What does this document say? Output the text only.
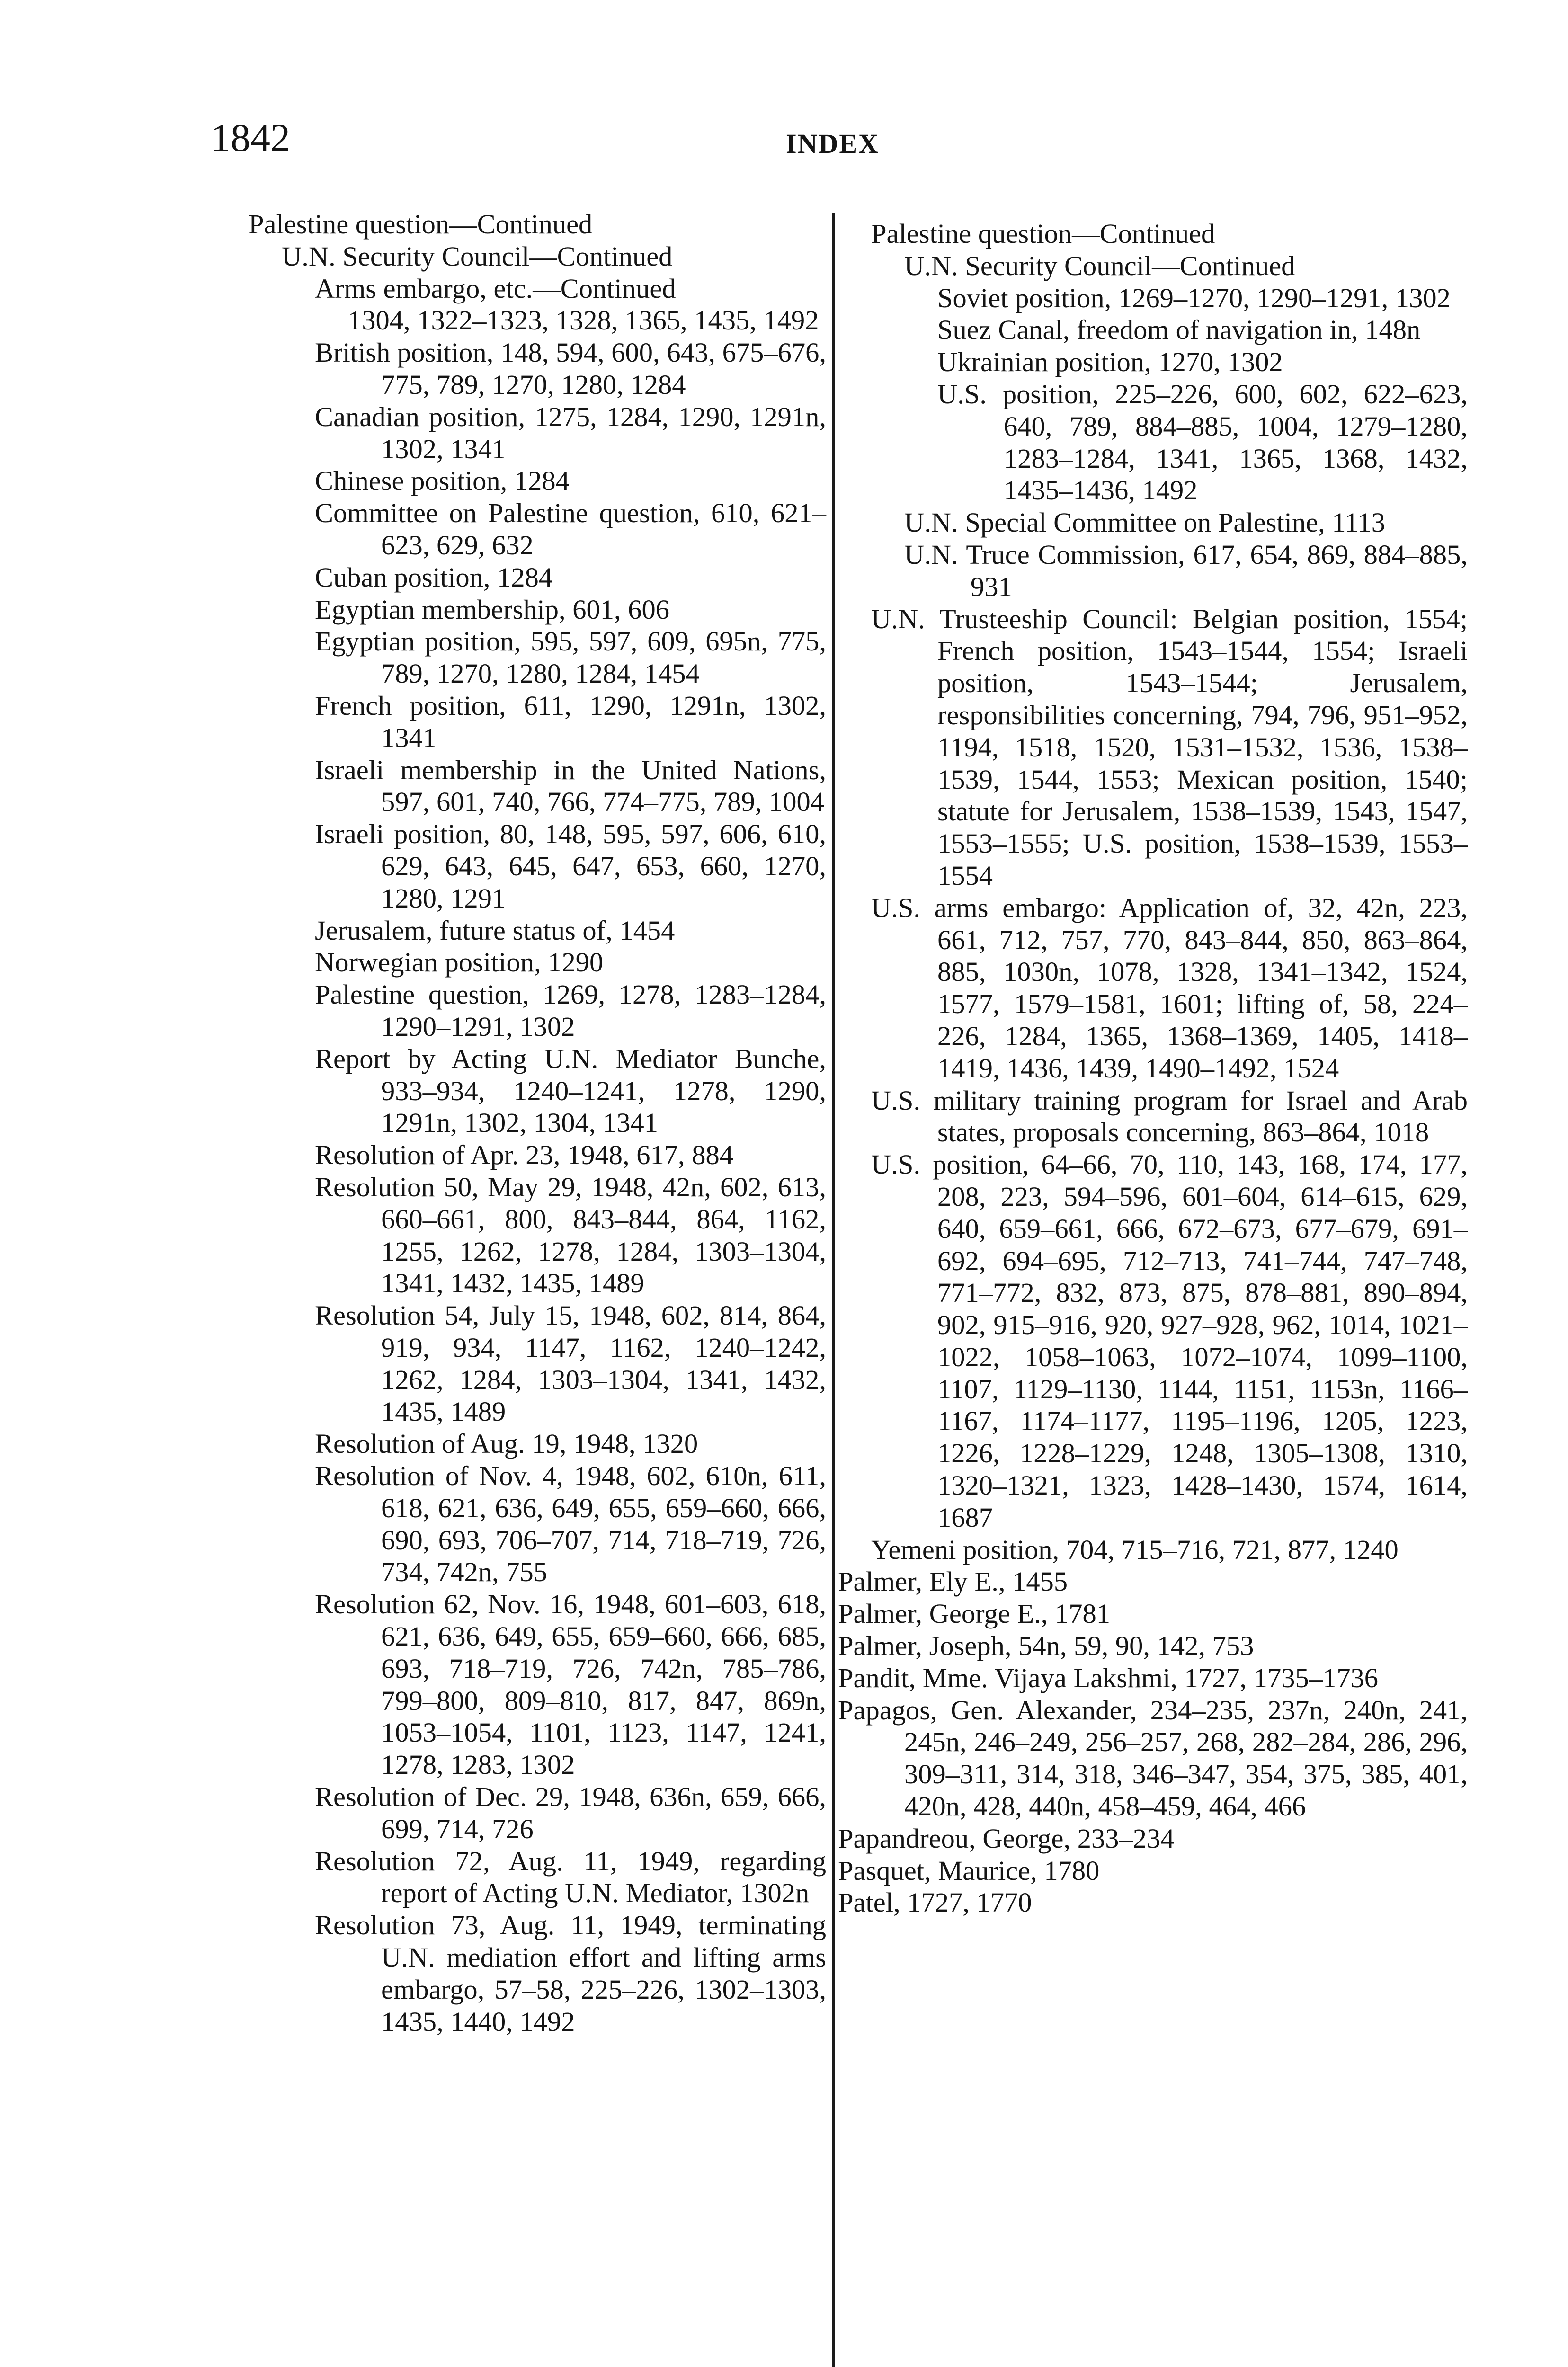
1842	INDEX

Palestine question—Continued

U.N. Security Council—Continued

Arms embargo, etc.—Continued

1304, 1322–1323, 1328, 1365, 1435, 1492

British position, 148, 594, 600, 643, 675–676, 775, 789, 1270, 1280, 1284

Canadian position, 1275, 1284, 1290, 1291n, 1302, 1341

Chinese position, 1284

Committee on Palestine question, 610, 621–623, 629, 632

Cuban position, 1284

Egyptian membership, 601, 606

Egyptian position, 595, 597, 609, 695n, 775, 789, 1270, 1280, 1284, 1454

French position, 611, 1290, 1291n, 1302, 1341

Israeli membership in the United Nations, 597, 601, 740, 766, 774–775, 789, 1004

Israeli position, 80, 148, 595, 597, 606, 610, 629, 643, 645, 647, 653, 660, 1270, 1280, 1291

Jerusalem, future status of, 1454

Norwegian position, 1290

Palestine question, 1269, 1278, 1283–1284, 1290–1291, 1302

Report by Acting U.N. Mediator Bunche, 933–934, 1240–1241, 1278, 1290, 1291n, 1302, 1304, 1341

Resolution of Apr. 23, 1948, 617, 884

Resolution 50, May 29, 1948, 42n, 602, 613, 660–661, 800, 843–844, 864, 1162, 1255, 1262, 1278, 1284, 1303–1304, 1341, 1432, 1435, 1489

Resolution 54, July 15, 1948, 602, 814, 864, 919, 934, 1147, 1162, 1240–1242, 1262, 1284, 1303–1304, 1341, 1432, 1435, 1489

Resolution of Aug. 19, 1948, 1320

Resolution of Nov. 4, 1948, 602, 610n, 611, 618, 621, 636, 649, 655, 659–660, 666, 690, 693, 706–707, 714, 718–719, 726, 734, 742n, 755

Resolution 62, Nov. 16, 1948, 601–603, 618, 621, 636, 649, 655, 659–660, 666, 685, 693, 718–719, 726, 742n, 785–786, 799–800, 809–810, 817, 847, 869n, 1053–1054, 1101, 1123, 1147, 1241, 1278, 1283, 1302

Resolution of Dec. 29, 1948, 636n, 659, 666, 699, 714, 726

Resolution 72, Aug. 11, 1949, regarding report of Acting U.N. Mediator, 1302n

Resolution 73, Aug. 11, 1949, terminating U.N. mediation effort and lifting arms embargo, 57–58, 225–226, 1302–1303, 1435, 1440, 1492

Palestine question—Continued

U.N. Security Council—Continued

Soviet position, 1269–1270, 1290–1291, 1302

Suez Canal, freedom of navigation in, 148n

Ukrainian position, 1270, 1302

U.S. position, 225–226, 600, 602, 622–623, 640, 789, 884–885, 1004, 1279–1280, 1283–1284, 1341, 1365, 1368, 1432, 1435–1436, 1492

U.N. Special Committee on Palestine, 1113

U.N. Truce Commission, 617, 654, 869, 884–885, 931

U.N. Trusteeship Council: Belgian position, 1554; French position, 1543–1544, 1554; Israeli position, 1543–1544; Jerusalem, responsibilities concerning, 794, 796, 951–952, 1194, 1518, 1520, 1531–1532, 1536, 1538–1539, 1544, 1553; Mexican position, 1540; statute for Jerusalem, 1538–1539, 1543, 1547, 1553–1555; U.S. position, 1538–1539, 1553–1554

U.S. arms embargo: Application of, 32, 42n, 223, 661, 712, 757, 770, 843–844, 850, 863–864, 885, 1030n, 1078, 1328, 1341–1342, 1524, 1577, 1579–1581, 1601; lifting of, 58, 224–226, 1284, 1365, 1368–1369, 1405, 1418–1419, 1436, 1439, 1490–1492, 1524

U.S. military training program for Israel and Arab states, proposals concerning, 863–864, 1018

U.S. position, 64–66, 70, 110, 143, 168, 174, 177, 208, 223, 594–596, 601–604, 614–615, 629, 640, 659–661, 666, 672–673, 677–679, 691–692, 694–695, 712–713, 741–744, 747–748, 771–772, 832, 873, 875, 878–881, 890–894, 902, 915–916, 920, 927–928, 962, 1014, 1021–1022, 1058–1063, 1072–1074, 1099–1100, 1107, 1129–1130, 1144, 1151, 1153n, 1166–1167, 1174–1177, 1195–1196, 1205, 1223, 1226, 1228–1229, 1248, 1305–1308, 1310, 1320–1321, 1323, 1428–1430, 1574, 1614, 1687

Yemeni position, 704, 715–716, 721, 877, 1240

Palmer, Ely E., 1455

Palmer, George E., 1781

Palmer, Joseph, 54n, 59, 90, 142, 753

Pandit, Mme. Vijaya Lakshmi, 1727, 1735–1736

Papagos, Gen. Alexander, 234–235, 237n, 240n, 241, 245n, 246–249, 256–257, 268, 282–284, 286, 296, 309–311, 314, 318, 346–347, 354, 375, 385, 401, 420n, 428, 440n, 458–459, 464, 466

Papandreou, George, 233–234

Pasquet, Maurice, 1780

Patel, 1727, 1770
